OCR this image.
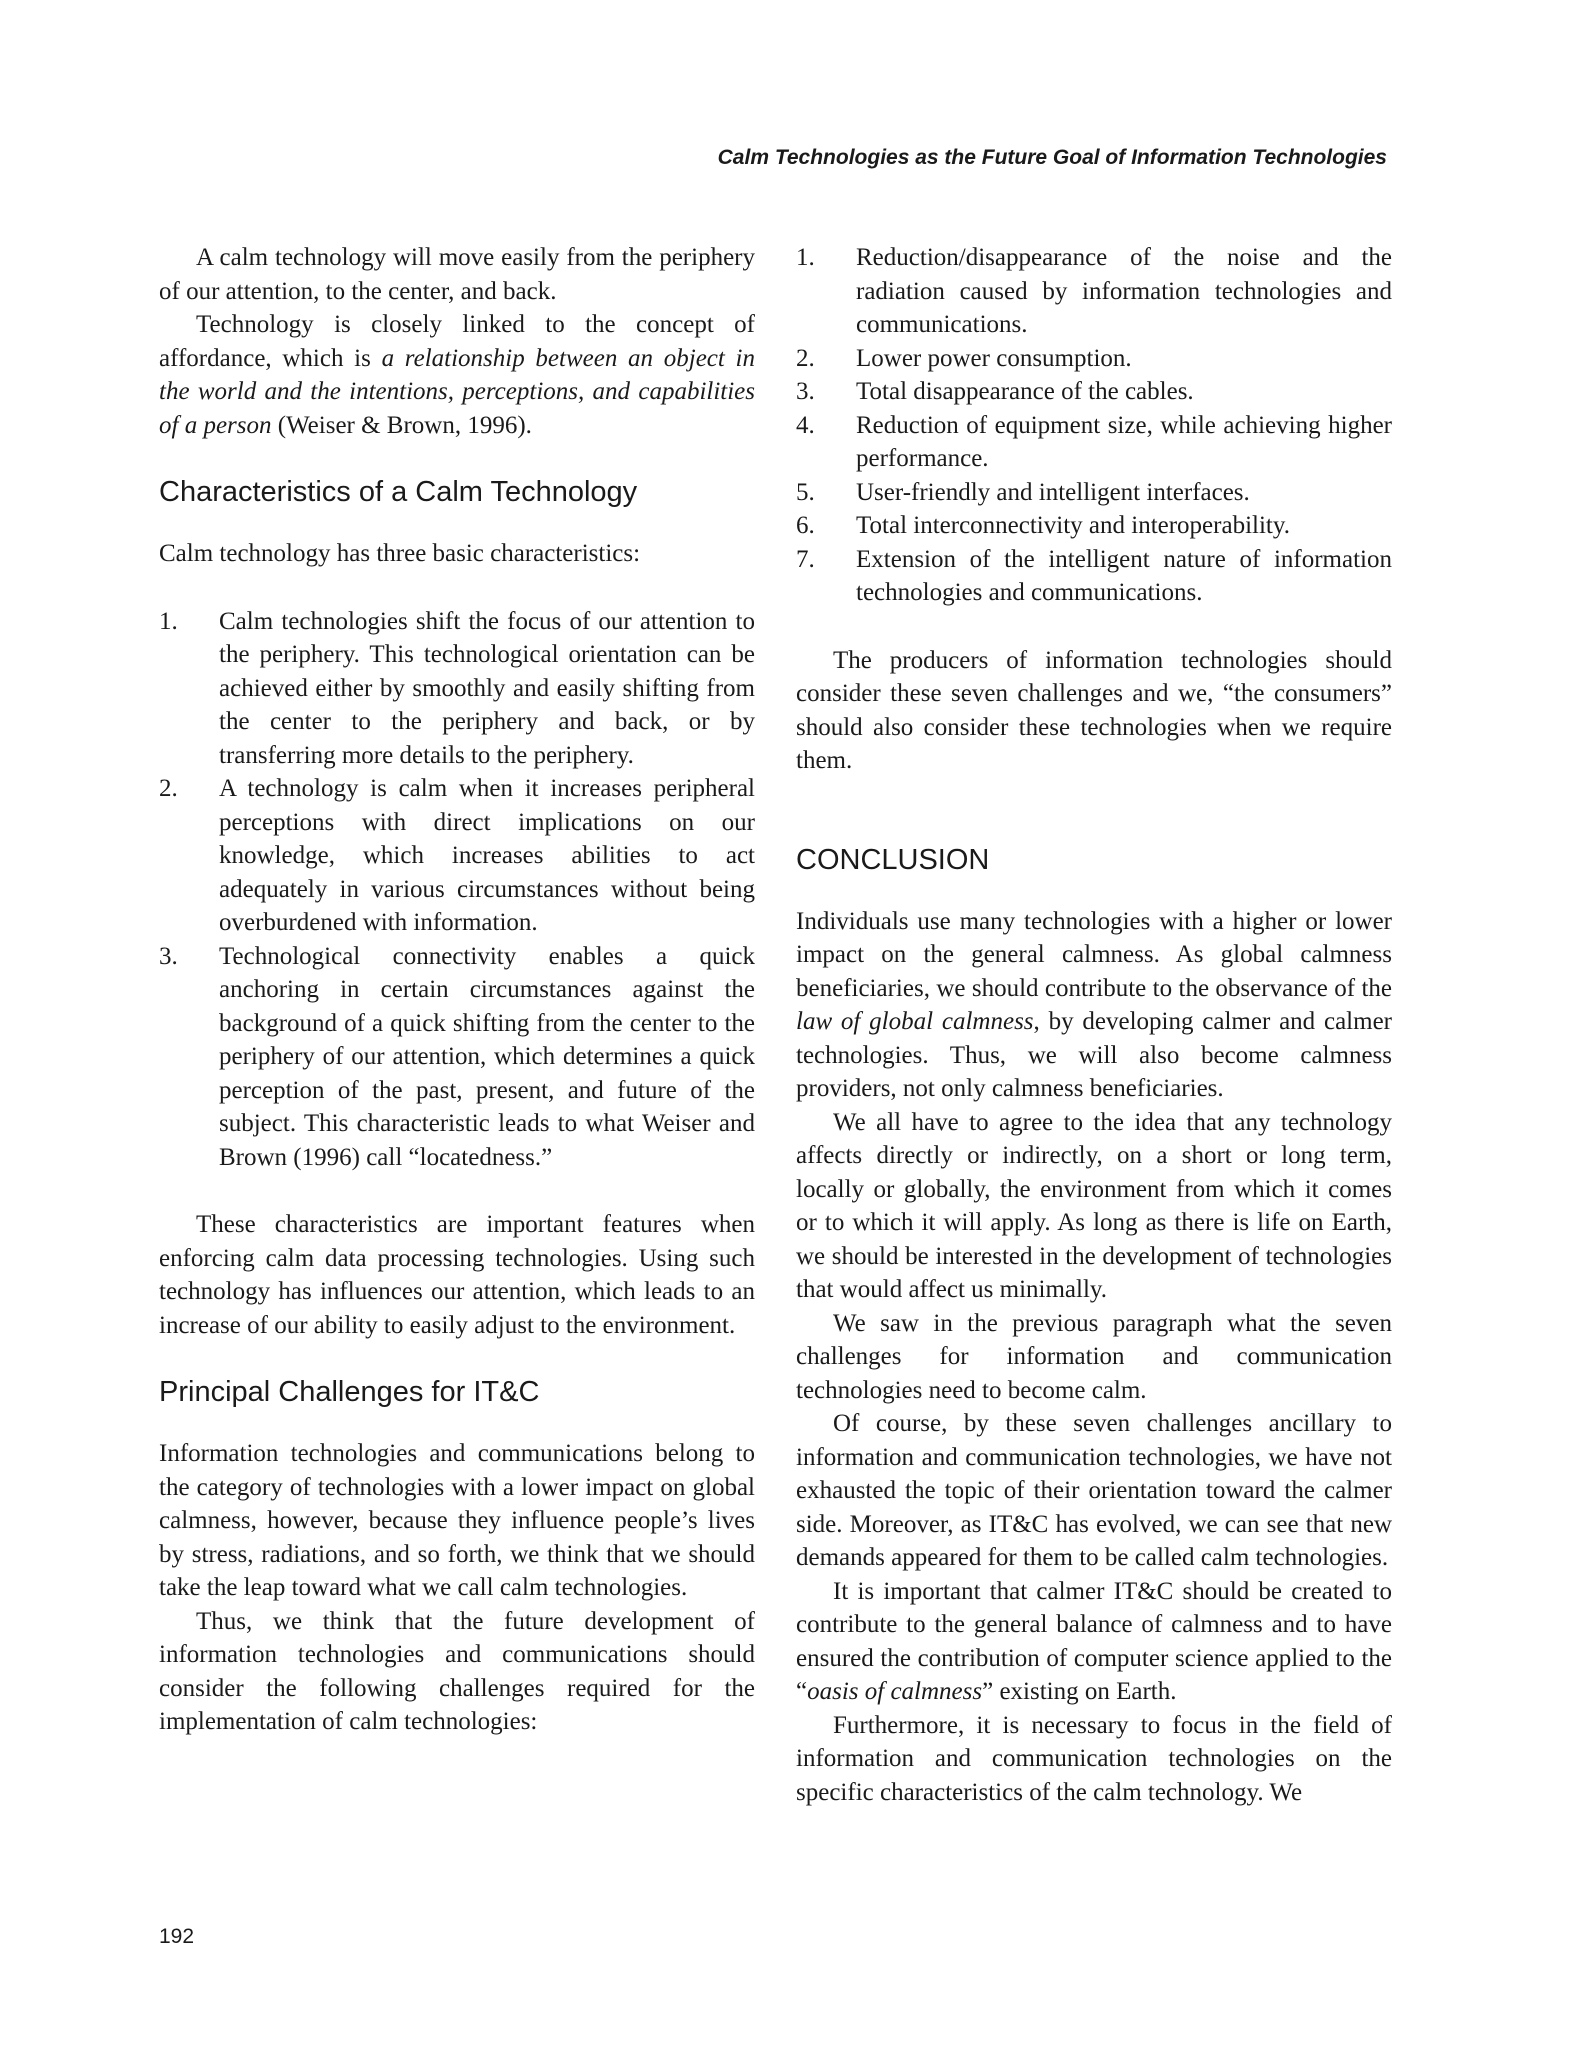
Calm Technologies as the Future Goal of Information Technologies

A calm technology will move easily from the periphery of our attention, to the center, and back.

Technology is closely linked to the concept of affordance, which is a relationship between an object in the world and the intentions, perceptions, and capabilities of a person (Weiser & Brown, 1996).

Characteristics of a Calm Technology

Calm technology has three basic characteristics:

1. Calm technologies shift the focus of our attention to the periphery. This technological orientation can be achieved either by smoothly and easily shifting from the center to the periphery and back, or by transferring more details to the periphery.
2. A technology is calm when it increases peripheral perceptions with direct implications on our knowledge, which increases abilities to act adequately in various circumstances without being overburdened with information.
3. Technological connectivity enables a quick anchoring in certain circumstances against the background of a quick shifting from the center to the periphery of our attention, which determines a quick perception of the past, present, and future of the subject. This characteristic leads to what Weiser and Brown (1996) call “locatedness.”

These characteristics are important features when enforcing calm data processing technologies. Using such technology has influences our attention, which leads to an increase of our ability to easily adjust to the environment.

Principal Challenges for IT&C

Information technologies and communications belong to the category of technologies with a lower impact on global calmness, however, because they influence people’s lives by stress, radiations, and so forth, we think that we should take the leap toward what we call calm technologies.

Thus, we think that the future development of information technologies and communications should consider the following challenges required for the implementation of calm technologies:

1. Reduction/disappearance of the noise and the radiation caused by information technologies and communications.
2. Lower power consumption.
3. Total disappearance of the cables.
4. Reduction of equipment size, while achieving higher performance.
5. User-friendly and intelligent interfaces.
6. Total interconnectivity and interoperability.
7. Extension of the intelligent nature of information technologies and communications.

The producers of information technologies should consider these seven challenges and we, “the consumers” should also consider these technologies when we require them.

CONCLUSION

Individuals use many technologies with a higher or lower impact on the general calmness. As global calmness beneficiaries, we should contribute to the observance of the law of global calmness, by developing calmer and calmer technologies. Thus, we will also become calmness providers, not only calmness beneficiaries.

We all have to agree to the idea that any technology affects directly or indirectly, on a short or long term, locally or globally, the environment from which it comes or to which it will apply. As long as there is life on Earth, we should be interested in the development of technologies that would affect us minimally.

We saw in the previous paragraph what the seven challenges for information and communication technologies need to become calm.

Of course, by these seven challenges ancillary to information and communication technologies, we have not exhausted the topic of their orientation toward the calmer side. Moreover, as IT&C has evolved, we can see that new demands appeared for them to be called calm technologies.

It is important that calmer IT&C should be created to contribute to the general balance of calmness and to have ensured the contribution of computer science applied to the “oasis of calmness” existing on Earth.

Furthermore, it is necessary to focus in the field of information and communication technologies on the specific characteristics of the calm technology. We

192
